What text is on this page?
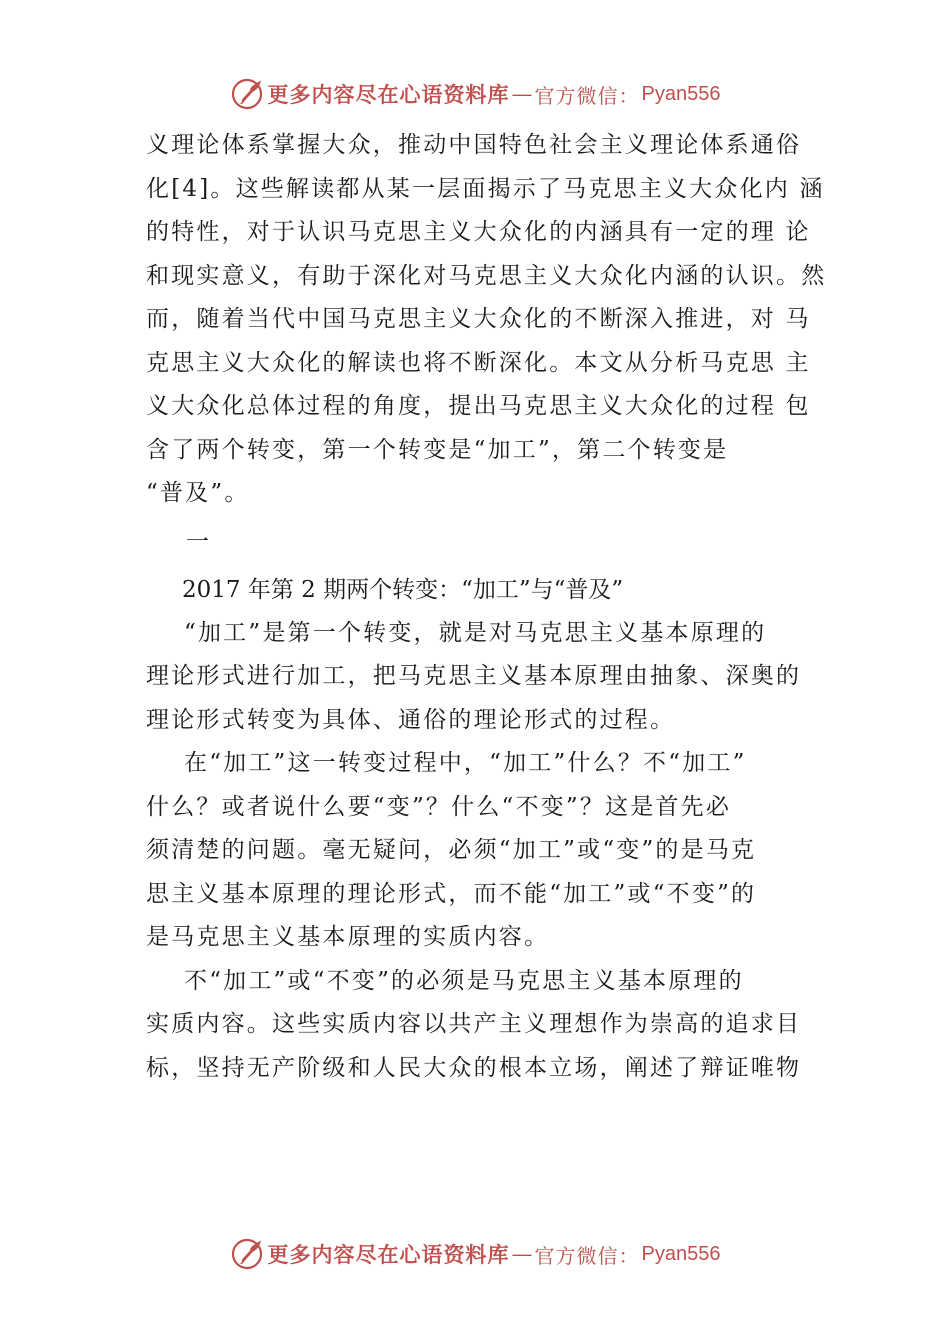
更多内容尽在心语资料库 — 官方微信： Pyan556
义理论体系掌握大众，推动中国特色社会主义理论体系通俗
化[4]。这些解读都从某一层面揭示了马克思主义大众化内 涵
的特性，对于认识马克思主义大众化的内涵具有一定的理 论
和现实意义，有助于深化对马克思主义大众化内涵的认识。然
而，随着当代中国马克思主义大众化的不断深入推进，对 马
克思主义大众化的解读也将不断深化。本文从分析马克思 主
义大众化总体过程的角度，提出马克思主义大众化的过程 包
含了两个转变，第一个转变是“加工”，第二个转变是
“普及”。
一
2017 年第 2 期两个转变：“加工”与“普及”
“加工”是第一个转变，就是对马克思主义基本原理的
理论形式进行加工，把马克思主义基本原理由抽象、深奥的
理论形式转变为具体、通俗的理论形式的过程。
在“加工”这一转变过程中，“加工”什么？不“加工”
什么？或者说什么要“变”？什么“不变”？这是首先必
须清楚的问题。毫无疑问，必须“加工”或“变”的是马克
思主义基本原理的理论形式，而不能“加工”或“不变”的
是马克思主义基本原理的实质内容。
不“加工”或“不变”的必须是马克思主义基本原理的
实质内容。这些实质内容以共产主义理想作为崇高的追求目
标，坚持无产阶级和人民大众的根本立场，阐述了辩证唯物
更多内容尽在心语资料库 — 官方微信： Pyan556
